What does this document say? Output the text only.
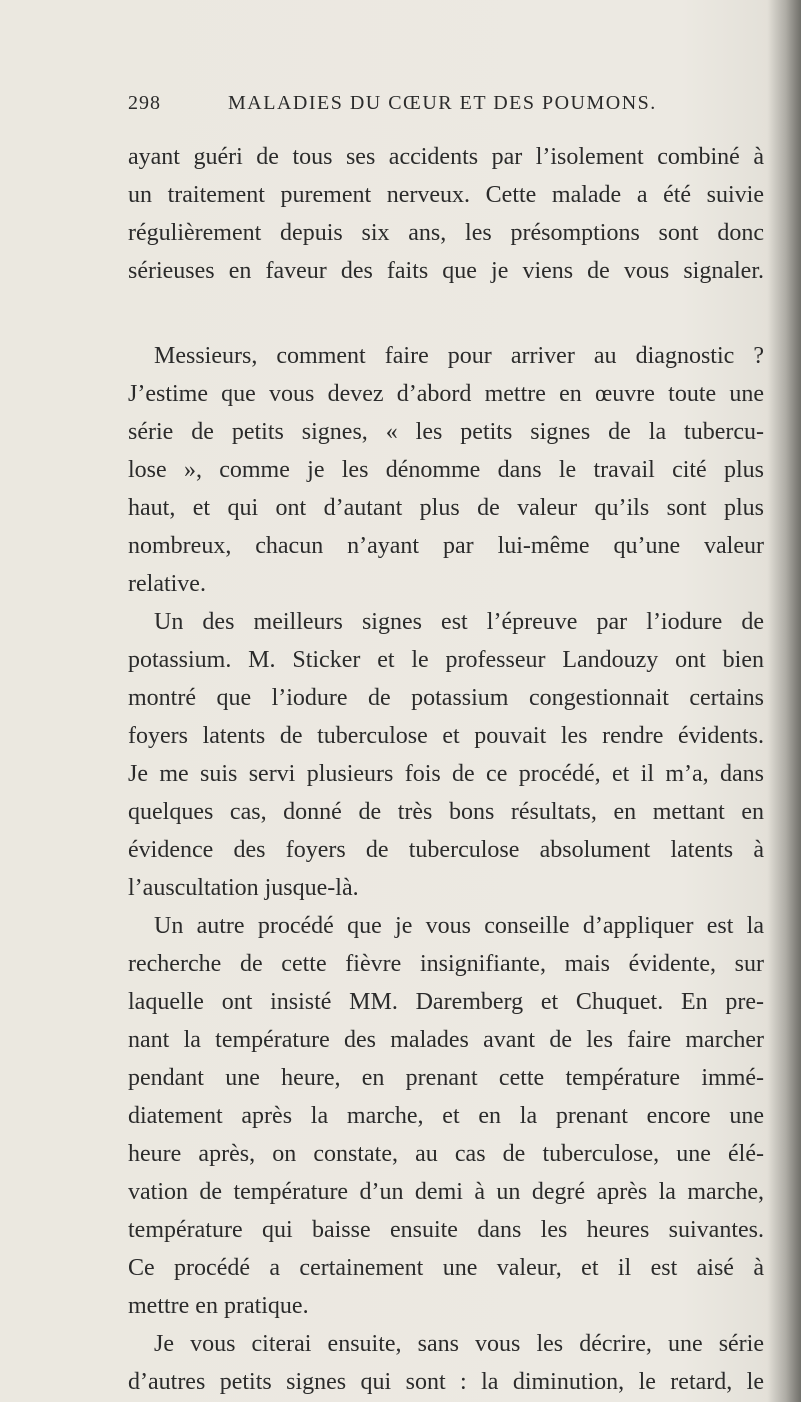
298	MALADIES DU CŒUR ET DES POUMONS.
ayant guéri de tous ses accidents par l’isolement combiné à
un traitement purement nerveux. Cette malade a été suivie
régulièrement depuis six ans, les présomptions sont donc
sérieuses en faveur des faits que je viens de vous signaler.
Messieurs, comment faire pour arriver au diagnostic ?
J’estime que vous devez d’abord mettre en œuvre toute une
série de petits signes, « les petits signes de la tubercu-
lose », comme je les dénomme dans le travail cité plus
haut, et qui ont d’autant plus de valeur qu’ils sont plus
nombreux, chacun n’ayant par lui-même qu’une valeur
relative.
Un des meilleurs signes est l’épreuve par l’iodure de
potassium. M. Sticker et le professeur Landouzy ont bien
montré que l’iodure de potassium congestionnait certains
foyers latents de tuberculose et pouvait les rendre évidents.
Je me suis servi plusieurs fois de ce procédé, et il m’a, dans
quelques cas, donné de très bons résultats, en mettant en
évidence des foyers de tuberculose absolument latents à
l’auscultation jusque-là.
Un autre procédé que je vous conseille d’appliquer est la
recherche de cette fièvre insignifiante, mais évidente, sur
laquelle ont insisté MM. Daremberg et Chuquet. En pre-
nant la température des malades avant de les faire marcher
pendant une heure, en prenant cette température immé-
diatement après la marche, et en la prenant encore une
heure après, on constate, au cas de tuberculose, une élé-
vation de température d’un demi à un degré après la marche,
température qui baisse ensuite dans les heures suivantes.
Ce procédé a certainement une valeur, et il est aisé à
mettre en pratique.
Je vous citerai ensuite, sans vous les décrire, une série
d’autres petits signes qui sont : la diminution, le retard, le
